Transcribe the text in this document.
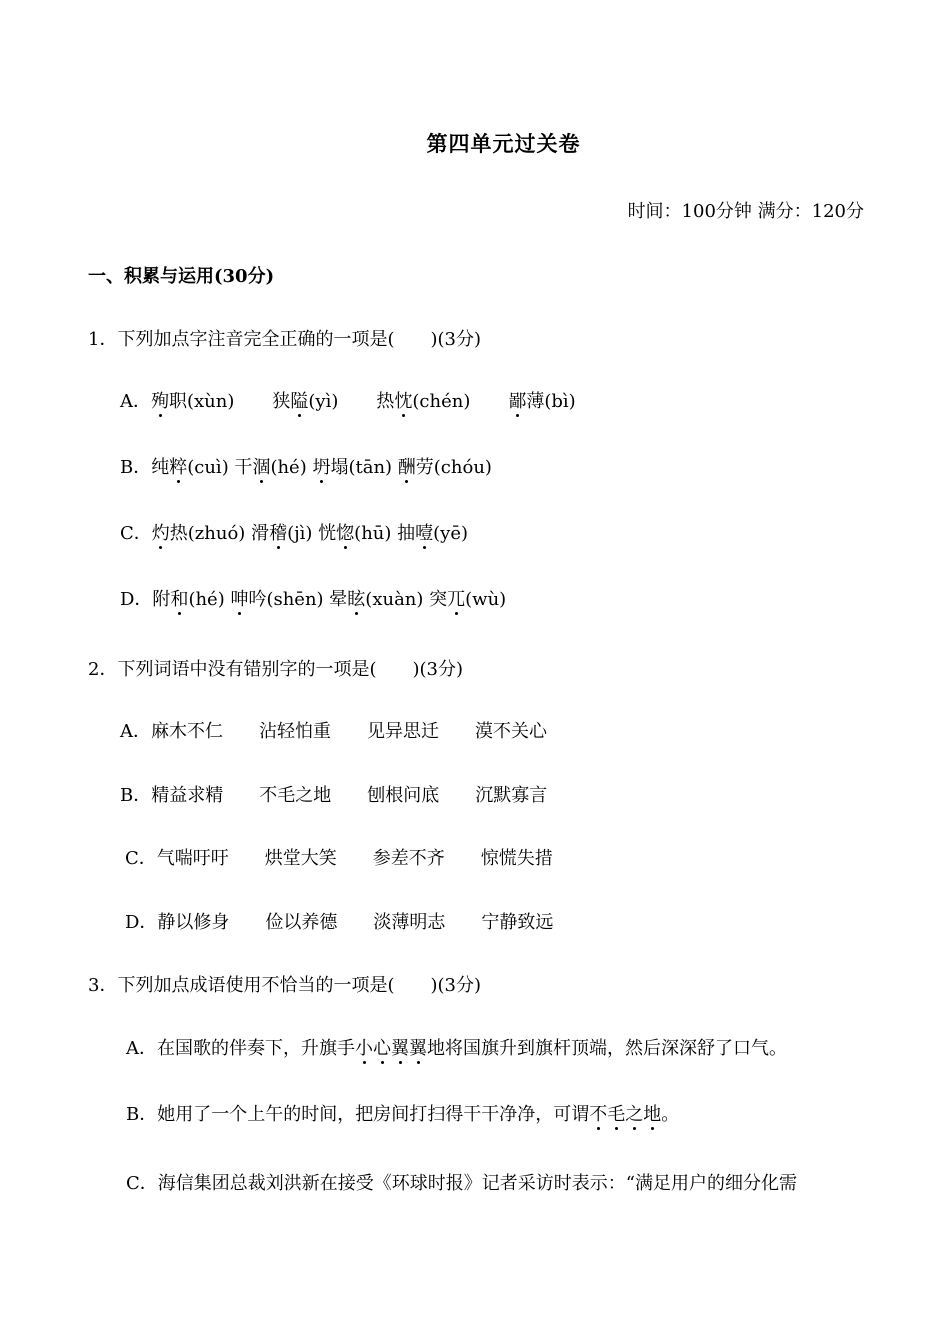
第四单元过关卷
时间：100分钟 满分：120分
一、积累与运用(30分)
1．下列加点字注音完全正确的一项是(　　)(3分)
A．殉职(xùn) 狭隘(yì) 热忱(chén) 鄙薄(bì)
B．纯粹(cuì) 干涸(hé) 坍塌(tān) 酬劳(chóu)
C．灼热(zhuó) 滑稽(jì) 恍惚(hū) 抽噎(yē)
D．附和(hé) 呻吟(shēn) 晕眩(xuàn) 突兀(wù)
2．下列词语中没有错别字的一项是(　　)(3分)
A．麻木不仁　　沾轻怕重　　见异思迁　　漠不关心
B．精益求精　　不毛之地　　刨根问底　　沉默寡言
C．气喘吁吁　　烘堂大笑　　参差不齐　　惊慌失措
D．静以修身　　俭以养德　　淡薄明志　　宁静致远
3．下列加点成语使用不恰当的一项是(　　)(3分)
A．在国歌的伴奏下，升旗手小心翼翼地将国旗升到旗杆顶端，然后深深舒了口气。
B．她用了一个上午的时间，把房间打扫得干干净净，可谓不毛之地。
C．海信集团总裁刘洪新在接受《环球时报》记者采访时表示：“满足用户的细分化需
